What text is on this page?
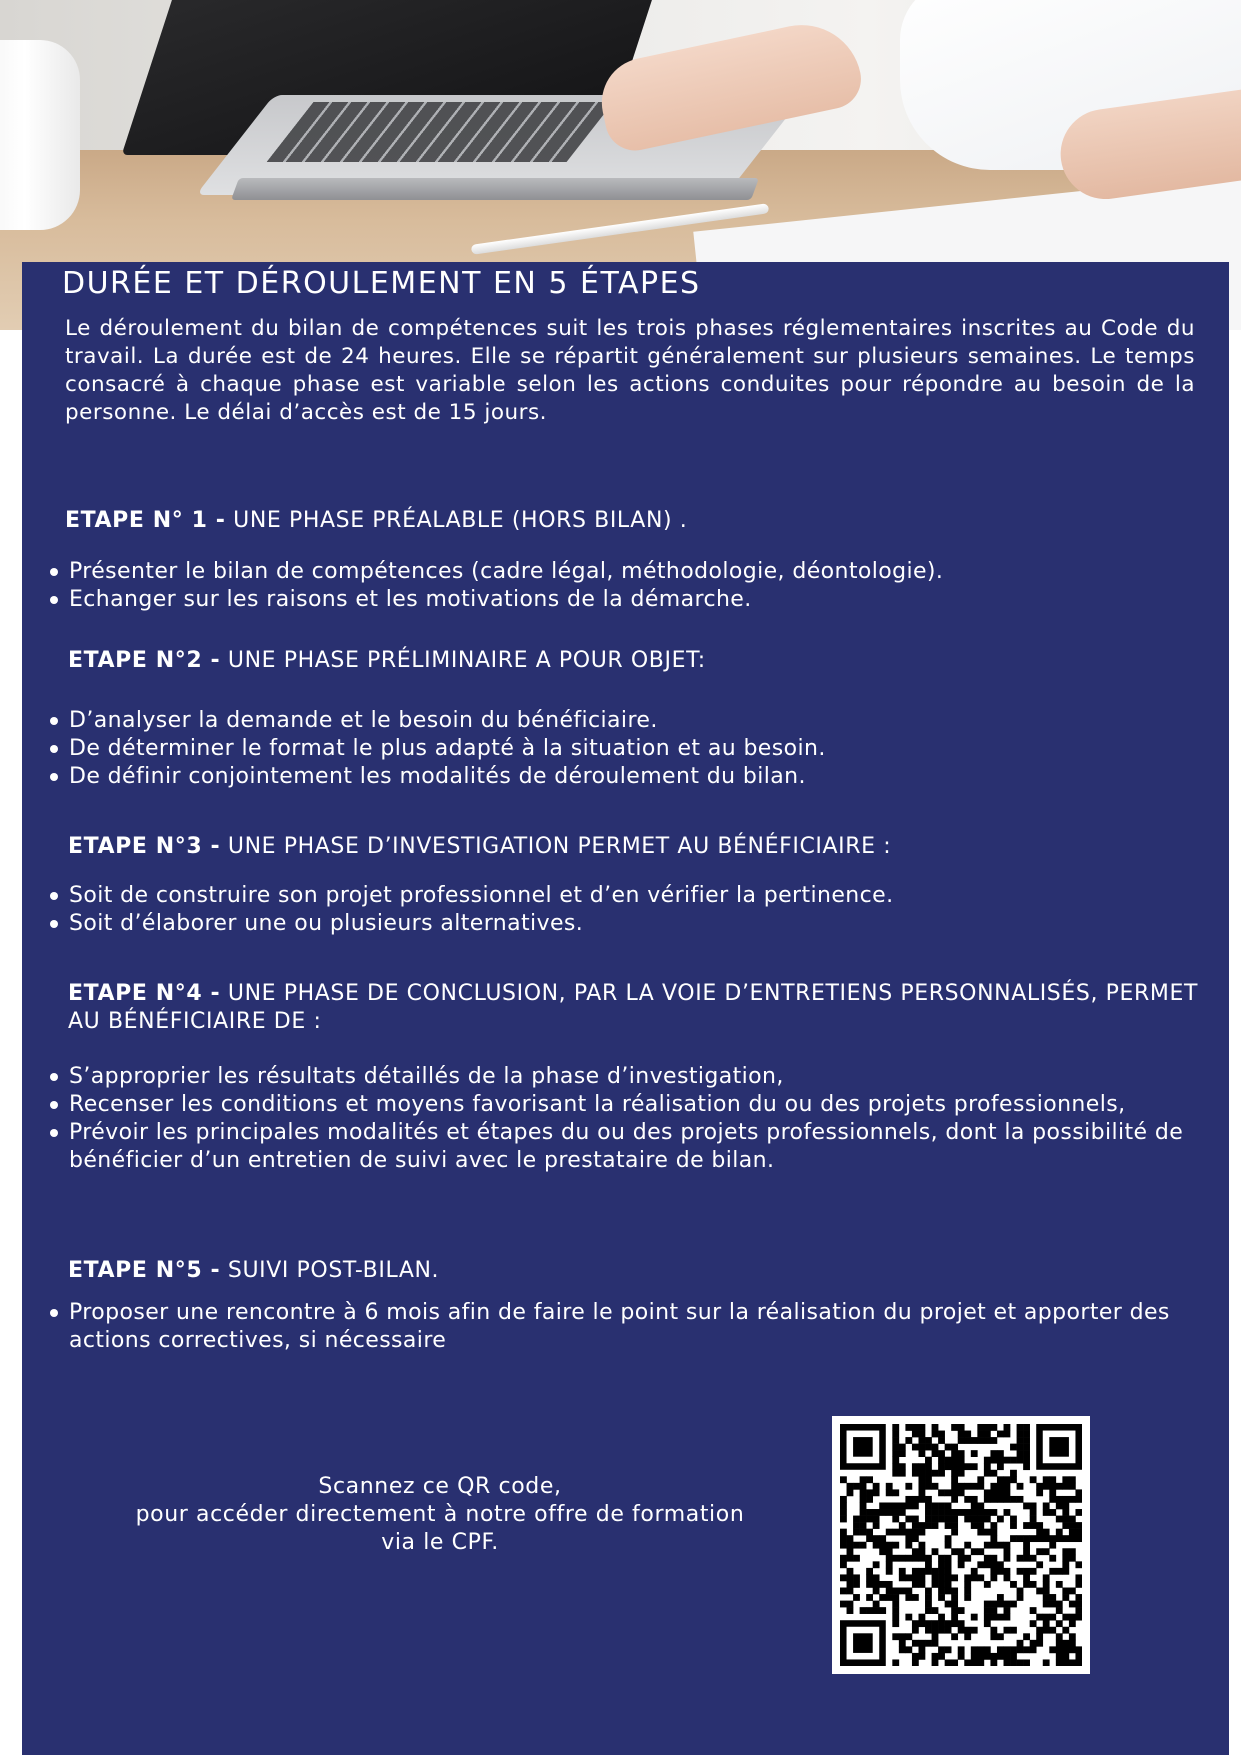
DURÉE ET DÉROULEMENT EN 5 ÉTAPES

Le déroulement du bilan de compétences suit les trois phases réglementaires inscrites au Code du travail. La durée est de 24 heures. Elle se répartit généralement sur plusieurs semaines. Le temps consacré à chaque phase est variable selon les actions conduites pour répondre au besoin de la personne. Le délai d’accès est de 15 jours.

ETAPE N° 1 - UNE PHASE PRÉALABLE (HORS BILAN) .

Présenter le bilan de compétences (cadre légal, méthodologie, déontologie).
Echanger sur les raisons et les motivations de la démarche.

ETAPE N°2 - UNE PHASE PRÉLIMINAIRE A POUR OBJET:

D’analyser la demande et le besoin du bénéficiaire.
De déterminer le format le plus adapté à la situation et au besoin.
De définir conjointement les modalités de déroulement du bilan.

ETAPE N°3 - UNE PHASE D’INVESTIGATION PERMET AU BÉNÉFICIAIRE :

Soit de construire son projet professionnel et d’en vérifier la pertinence.
Soit d’élaborer une ou plusieurs alternatives.

ETAPE N°4 - UNE PHASE DE CONCLUSION, PAR LA VOIE D’ENTRETIENS PERSONNALISÉS, PERMET AU BÉNÉFICIAIRE DE :

S’approprier les résultats détaillés de la phase d’investigation,
Recenser les conditions et moyens favorisant la réalisation du ou des projets professionnels,
Prévoir les principales modalités et étapes du ou des projets professionnels, dont la possibilité de bénéficier d’un entretien de suivi avec le prestataire de bilan.

ETAPE N°5 - SUIVI POST-BILAN.

Proposer une rencontre à 6 mois afin de faire le point sur la réalisation du projet et apporter des actions correctives, si nécessaire
Scannez ce QR code,
pour accéder directement à notre offre de formation
via le CPF.
